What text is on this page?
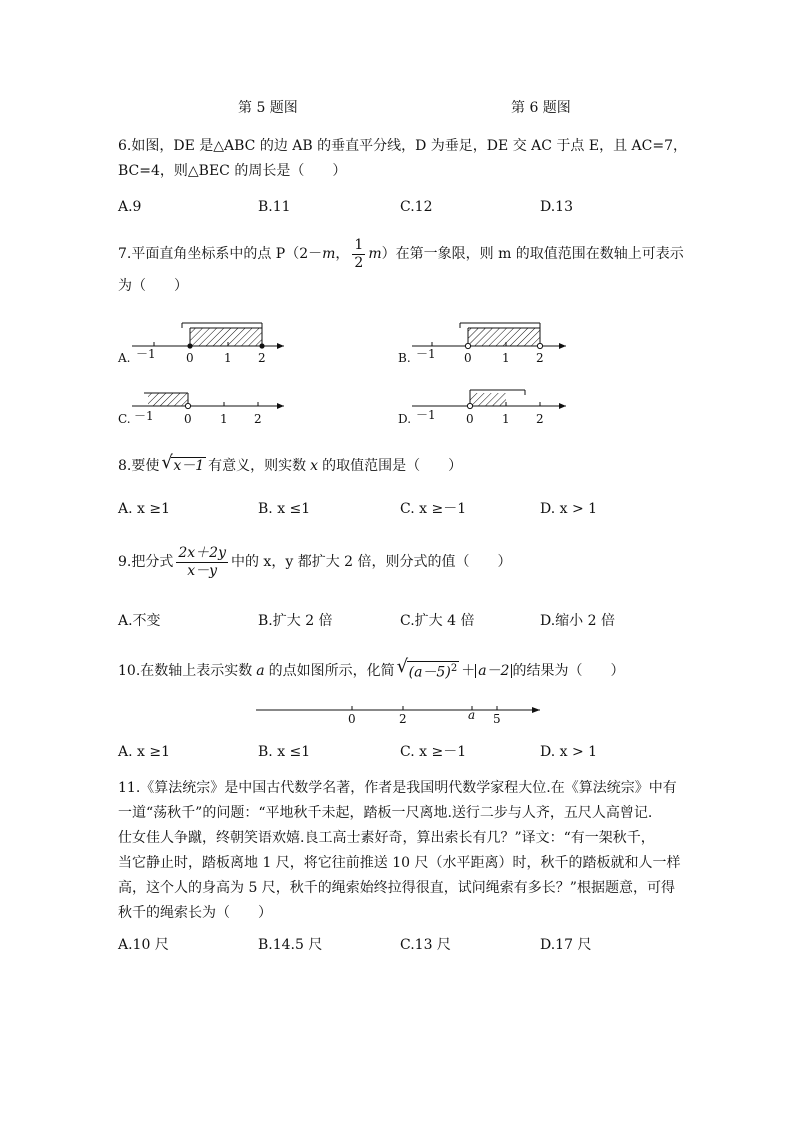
第 5 题图	第 6 题图
6.如图，DE 是△ABC 的边 AB 的垂直平分线，D 为垂足，DE 交 AC 于点 E，且 AC=7，
BC=4，则△BEC 的周长是（　　）
A.9	B.11	C.12	D.13
7.平面直角坐标系中的点 P（2－ m ， $\frac{1}{2}$ m ）在第一象限，则 m 的取值范围在数轴上可表示
为（　　）
A. －1	0	1 2	B. －1 0	1 2
C. －1	0 1 2	D. －1	0 1 2
0	2	a 5
8.要使 √ x－1 有意义，则实数 x 的取值范围是（　　）
A. x ≥1	B. x ≤1	C. x ≥－1	D. x > 1
9.把分式 $\frac{2x+2y}{x-y}$ 中的 x，y 都扩大 2 倍，则分式的值（　　）
A.不变	B.扩大 2 倍	C.扩大 4 倍	D.缩小 2 倍
10.在数轴上表示实数 a 的点如图所示，化简 √ $(a-5)^2 + a-2$ 的结果为（　　）
A. x ≥1	B. x ≤1	C. x ≥－1	D. x > 1
11.《算法统宗》是中国古代数学名著，作者是我国明代数学家程大位.在《算法统宗》中有
一道“荡秋千”的问题：“平地秋千未起，踏板一尺离地.送行二步与人齐，五尺人高曾记.
仕女佳人争蹴，终朝笑语欢嬉.良工高士素好奇，算出索长有几？”译文：“有一架秋千，
当它静止时，踏板离地 1 尺，将它往前推送 10 尺（水平距离）时，秋千的踏板就和人一样
高，这个人的身高为 5 尺，秋千的绳索始终拉得很直，试问绳索有多长？”根据题意，可得
秋千的绳索长为（　　）
A.10 尺	B.14.5 尺	C.13 尺	D.17 尺
